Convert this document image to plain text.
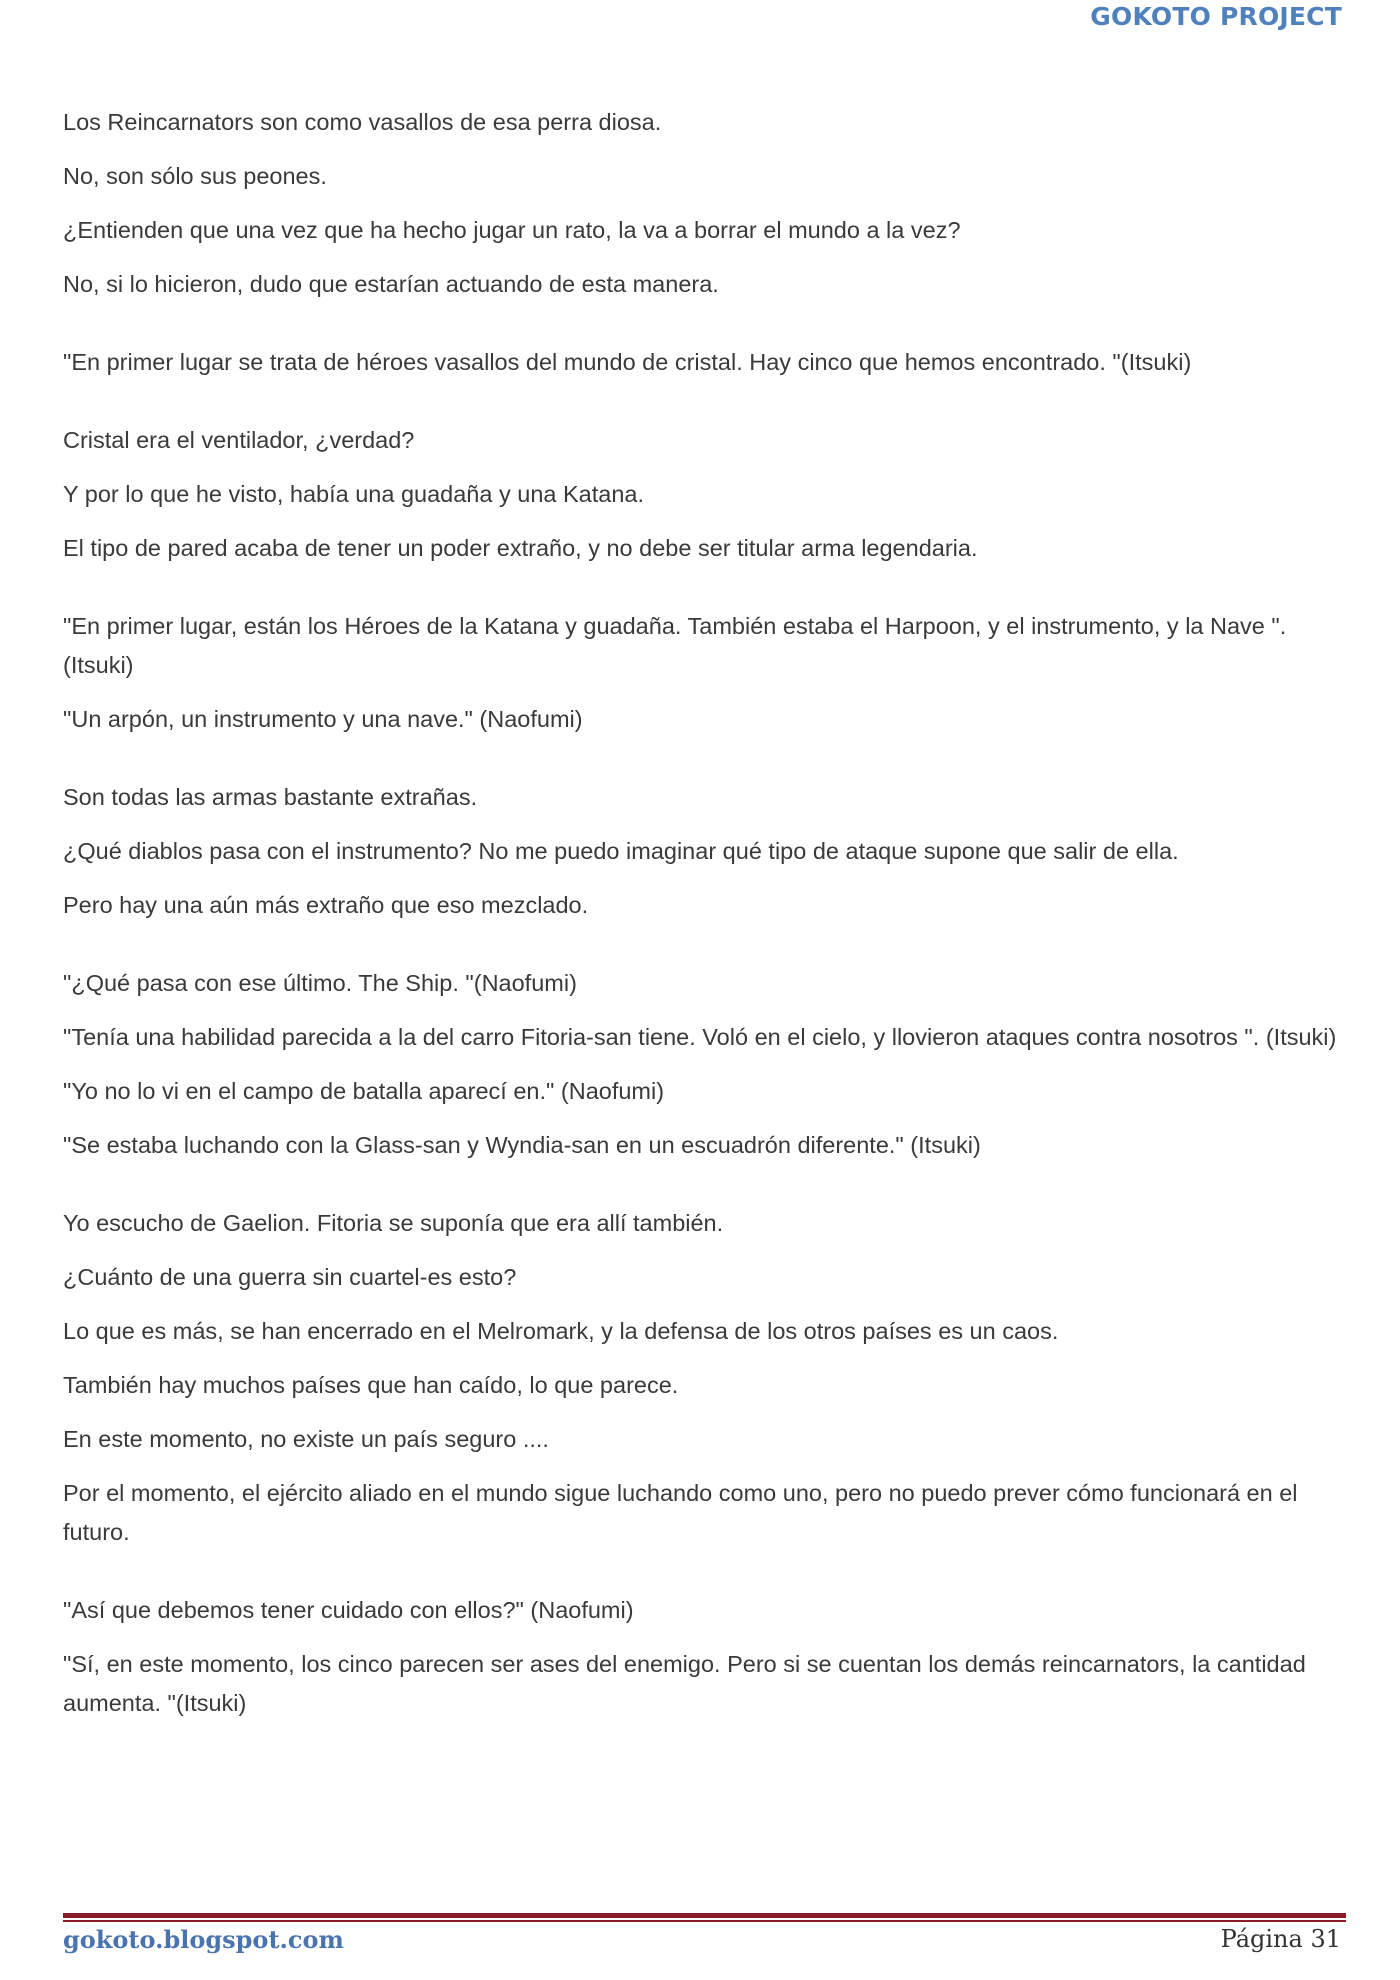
GOKOTO PROJECT

Los Reincarnators son como vasallos de esa perra diosa.

No, son sólo sus peones.

¿Entienden que una vez que ha hecho jugar un rato, la va a borrar el mundo a la vez?

No, si lo hicieron, dudo que estarían actuando de esta manera.

"En primer lugar se trata de héroes vasallos del mundo de cristal. Hay cinco que hemos encontrado. "(Itsuki)

Cristal era el ventilador, ¿verdad?

Y por lo que he visto, había una guadaña y una Katana.

El tipo de pared acaba de tener un poder extraño, y no debe ser titular arma legendaria.

"En primer lugar, están los Héroes de la Katana y guadaña. También estaba el Harpoon, y el instrumento, y la Nave ". (Itsuki)

"Un arpón, un instrumento y una nave." (Naofumi)

Son todas las armas bastante extrañas.

¿Qué diablos pasa con el instrumento? No me puedo imaginar qué tipo de ataque supone que salir de ella.

Pero hay una aún más extraño que eso mezclado.

"¿Qué pasa con ese último. The Ship. "(Naofumi)

"Tenía una habilidad parecida a la del carro Fitoria-san tiene. Voló en el cielo, y llovieron ataques contra nosotros ". (Itsuki)

"Yo no lo vi en el campo de batalla aparecí en." (Naofumi)

"Se estaba luchando con la Glass-san y Wyndia-san en un escuadrón diferente." (Itsuki)

Yo escucho de Gaelion. Fitoria se suponía que era allí también.

¿Cuánto de una guerra sin cuartel-es esto?

Lo que es más, se han encerrado en el Melromark, y la defensa de los otros países es un caos.

También hay muchos países que han caído, lo que parece.

En este momento, no existe un país seguro ....

Por el momento, el ejército aliado en el mundo sigue luchando como uno, pero no puedo prever cómo funcionará en el futuro.

"Así que debemos tener cuidado con ellos?" (Naofumi)

"Sí, en este momento, los cinco parecen ser ases del enemigo. Pero si se cuentan los demás reincarnators, la cantidad aumenta. "(Itsuki)

gokoto.blogspot.com	Página 31
